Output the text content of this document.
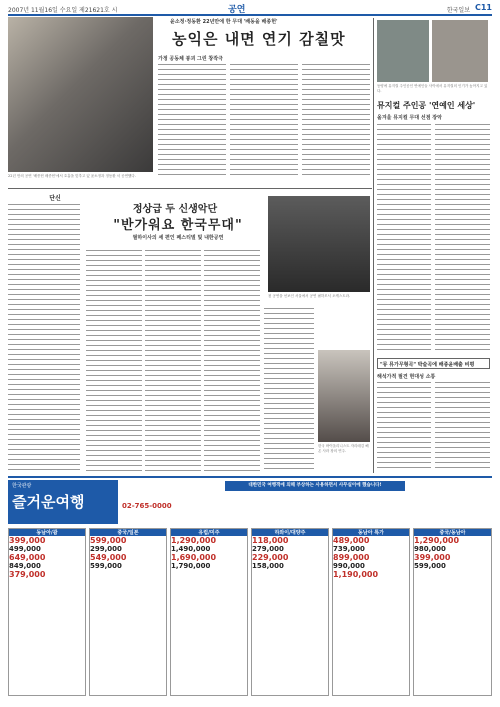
2007년 11월16일 수요일 제21621호 시	공연	한국일보 C11
22년 만의 공연 '배종헌 배종헌'에서 호흡을 맞추고 있 윤소정과 정동환 서 공연했다.
윤소정·정동환 22년만에 한 무대 '배동을 배종헌'
농익은 내면 연기 감칠맛
가정 공동체 붕괴 그린 창작극
동양에 뮤지컬 주인공인 연예인들 사이에서 뮤지컬의 인기가 높아지고 있다.
뮤지컬 주인공 '연예인 세상'
올겨울 뮤지컬 무대 선점 장악
단신
정상급 두 신생악단
"반가워요 한국무대"
필하이사의 세 편인 페스티벌 및 내한공연
첫 공연을 선보인 서울에서 공연 필하모닉 오케스트라.
한국 바이올리니스트 자리매김 해 온 사라 장의 연주.
"뮤 뮤가무형곡" 박술곡에 배종윤배출 비평
해석가적 필견 현대성 소통
한국관광
즐거운여행	02-765-0000
대한민국 여행객에 의해 부상하는 사용하면서 사무실이에 했습니다!
동남아/괌
399,000
499,000
649,000
849,000
379,000
중국/일본
599,000
299,000
549,000
599,000
유럽/미주
1,290,000
1,490,000
1,690,000
1,790,000
하와이/대양주
118,000
279,000
229,000
158,000
동남아 특가
489,000
739,000
899,000
990,000
1,190,000
중국/동남아
1,290,000
980,000
399,000
599,000
